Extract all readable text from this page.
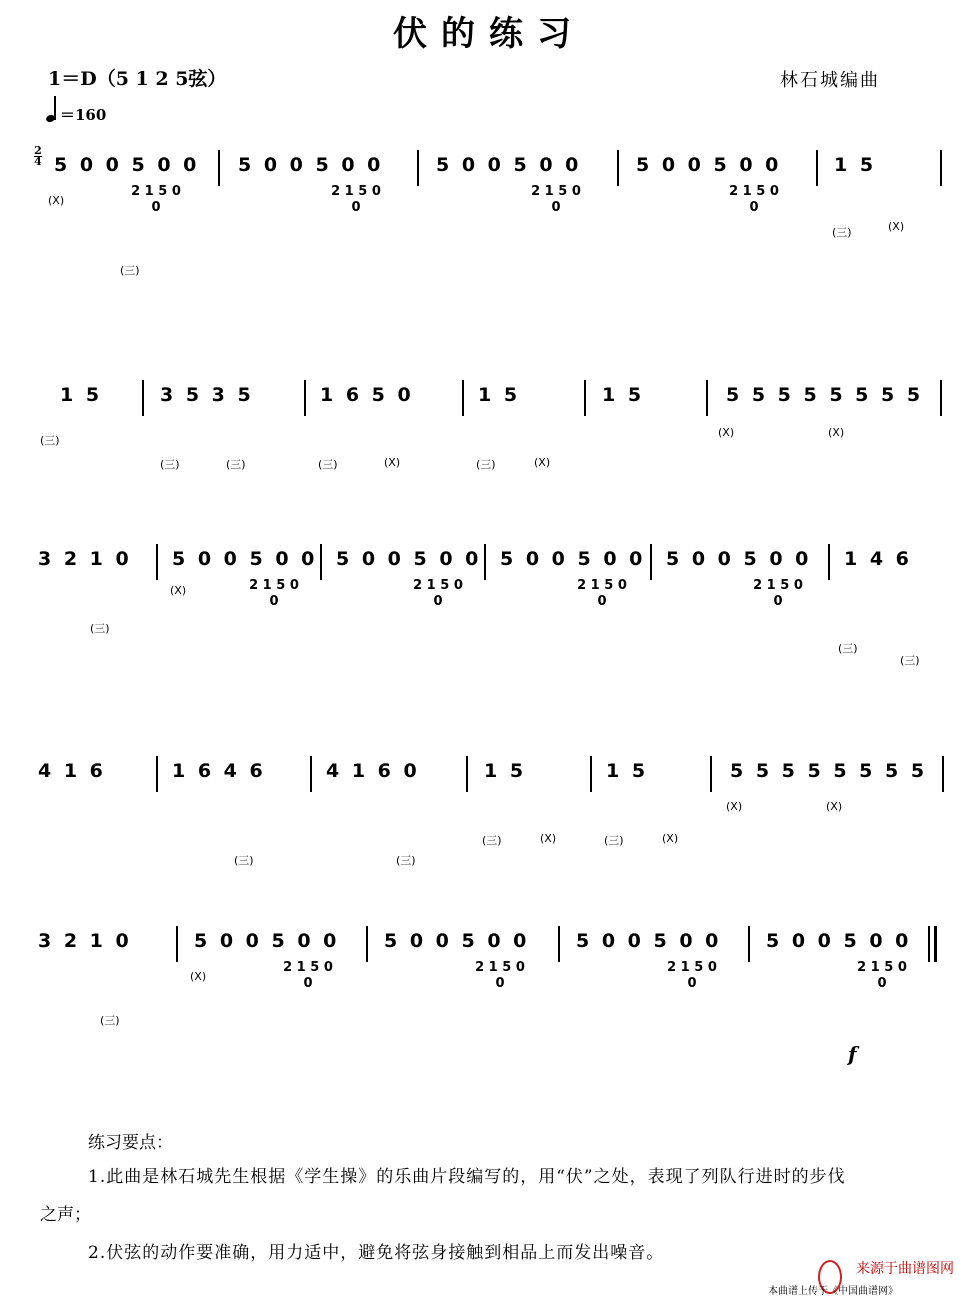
伏的练习
1＝D（5 1 2 5弦）	林石城编曲
＝160
2
4 5 0 0 5 0 0 5 0 0 5 0 0	5 0 0 5 0 0	5 0 0 5 0 0	1 5
(X)
2 1 5 0 0
2 1 5 0 0
2 1 5 0 0
2 1 5 0 0
(三)
(三)	(X)
1 5	3 5 3 5	1 6 5 0	1 5	1 5	5 5 5 5 5 5 5 5
(三)
(三)	(三)	(三)	(X)	(三)	(X)
(X)	(X)
3 2 1 0 5 0 0 5 0 0 5 0 0 5 0 0 5 0 0 5 0 0 5 0 0 5 0 0 1 4 6
(三)
(X)	2 1 5 0 0
2 1 5 0 0
2 1 5 0 0
2 1 5 0 0
(三)
(三)
4 1 6	1 6 4 6	4 1 6 0	1 5	1 5	5 5 5 5 5 5 5 5
(三)	(三)
(三)	(X)	(三)	(X)
(X)	(X)
3 2 1 0	5 0 0 5 0 0 5 0 0 5 0 0 5 0 0 5 0 0 5 0 0 5 0 0
(三)
(X)
2 1 5 0 0
2 1 5 0 0
2 1 5 0 0
2 1 5 0 0
f
练习要点：
1.此曲是林石城先生根据《学生操》的乐曲片段编写的，用“伏”之处，表现了列队行进时的步伐
之声；
2.伏弦的动作要准确，用力适中，避免将弦身接触到相品上而发出噪音。
来源于曲谱图网
本曲谱上传于《中国曲谱网》
